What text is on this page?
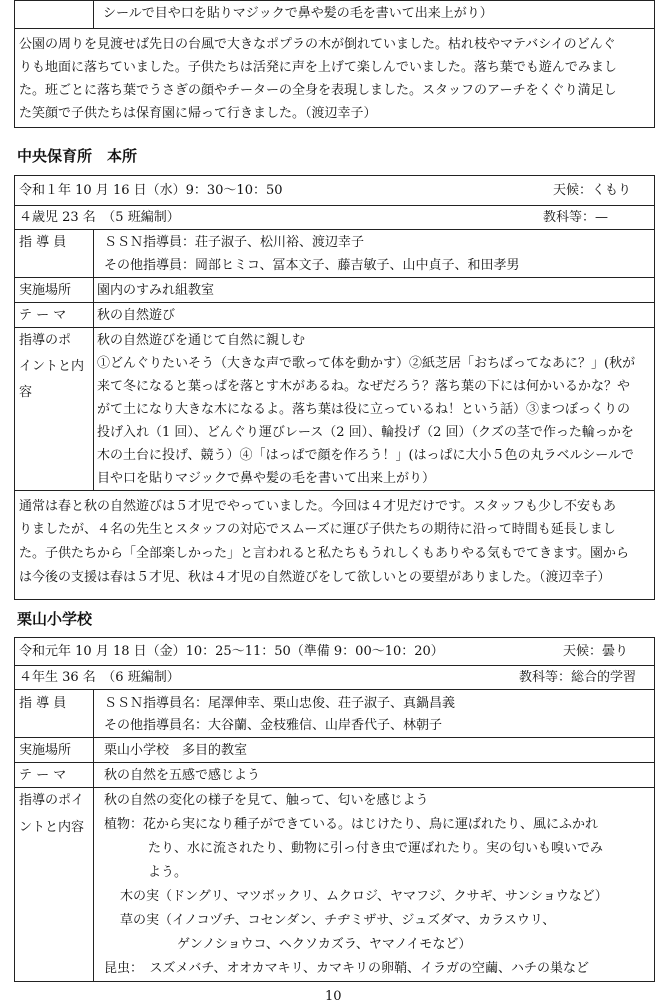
シールで目や口を貼りマジックで鼻や髪の毛を書いて出来上がり）
公園の周りを見渡せば先日の台風で大きなポプラの木が倒れていました。枯れ枝やマテバシイのどんぐ
りも地面に落ちていました。子供たちは活発に声を上げて楽しんでいました。落ち葉でも遊んでみまし
た。班ごとに落ち葉でうさぎの顔やチーターの全身を表現しました。スタッフのアーチをくぐり満足し
た笑顔で子供たちは保育園に帰って行きました。（渡辺幸子）
中央保育所　本所
令和１年 10 月 16 日（水）9：30〜10：50	天候：くもり
４歳児 23 名　（5 班編制）	教科等：—
指 導 員	ＳＳＮ指導員：荘子淑子、松川裕、渡辺幸子
その他指導員：岡部ヒミコ、冨本文子、藤吉敏子、山中貞子、和田孝男
実施場所 園内のすみれ組教室
テ ー マ 秋の自然遊び
指導のポ
イントと内
容
秋の自然遊びを通じて自然に親しむ
①どんぐりたいそう（大きな声で歌って体を動かす）②紙芝居「おちばってなあに？」(秋が
来て冬になると葉っぱを落とす木があるね。なぜだろう？落ち葉の下には何かいるかな？や
がて土になり大きな木になるよ。落ち葉は役に立っているね！という話）③まつぼっくりの
投げ入れ（1 回）、どんぐり運びレース（2 回）、輪投げ（2 回）（クズの茎で作った輪っかを
木の土台に投げ、競う）④「はっぱで顔を作ろう！」(はっぱに大小５色の丸ラベルシールで
目や口を貼りマジックで鼻や髪の毛を書いて出来上がり）
通常は春と秋の自然遊びは５才児でやっていました。今回は４才児だけです。スタッフも少し不安もあ
りましたが、４名の先生とスタッフの対応でスムーズに運び子供たちの期待に沿って時間も延長しまし
た。子供たちから「全部楽しかった」と言われると私たちもうれしくもありやる気もでてきます。園から
は今後の支援は春は５才児、秋は４才児の自然遊びをして欲しいとの要望がありました。（渡辺幸子）
栗山小学校
令和元年 10 月 18 日（金）10：25〜11：50（準備 9：00〜10：20）	天候：曇り
４年生 36 名　（6 班編制）	教科等：総合的学習
指 導 員	ＳＳＮ指導員名：尾澤伸幸、栗山忠俊、荘子淑子、真鍋昌義
その他指導員名：大谷蘭、金枝雅信、山岸香代子、林朝子
実施場所	栗山小学校　多目的教室
テ ー マ	秋の自然を五感で感じよう
指導のポイ
ントと内容
秋の自然の変化の様子を見て、触って、匂いを感じよう
植物：花から実になり種子ができている。はじけたり、鳥に運ばれたり、風にふかれ
たり、水に流されたり、動物に引っ付き虫で運ばれたり。実の匂いも嗅いでみ
よう。
木の実（ドングリ、マツボックリ、ムクロジ、ヤマフジ、クサギ、サンショウなど）
草の実（イノコヅチ、コセンダン、チヂミザサ、ジュズダマ、カラスウリ、
ゲンノショウコ、ヘクソカズラ、ヤマノイモなど）
昆虫：　スズメバチ、オオカマキリ、カマキリの卵鞘、イラガの空繭、ハチの巣など
10
